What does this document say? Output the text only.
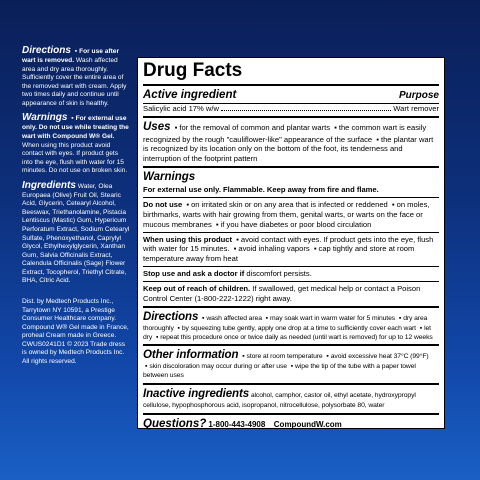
Directions ▪ For use after wart is removed. Wash affected area and dry area thoroughly. Sufficiently cover the entire area of the removed wart with cream. Apply two times daily and continue until appearance of skin is healthy.

Warnings ▪ For external use only. Do not use while treating the wart with Compound W® Gel. When using this product avoid contact with eyes. If product gets into the eye, flush with water for 15 minutes. Do not use on broken skin.

Ingredients Water, Olea Europaea (Olive) Fruit Oil, Stearic Acid, Glycerin, Cetearyl Alcohol, Beeswax, Triethanolamine, Pistacia Lentiscus (Mastic) Gum, Hypericum Perforatum Extract, Sodium Cetearyl Sulfate, Phenoxyethanol, Caprylyl Glycol, Ethylhexylglycerin, Xanthan Gum, Salvia Officinalis Extract, Calendula Officinalis (Sage) Flower Extract, Tocopherol, Triethyl Citrate, BHA, Citric Acid.

Dist. by Medtech Products Inc., Tarrytown NY 10591, a Prestige Consumer Healthcare company. Compound W® Gel made in France, proheal Cream made in Greece. CWUS0241D1 © 2023 Trade dress is owned by Medtech Products Inc. All rights reserved.

Drug Facts
Active ingredient	Purpose
Salicylic acid 17% w/w	Wart remover
Uses ▪ for the removal of common and plantar warts ▪ the common wart is easily recognized by the rough "cauliflower-like" appearance of the surface ▪ the plantar wart is recognized by its location only on the bottom of the foot, its tenderness and interruption of the footprint pattern
Warnings
For external use only. Flammable. Keep away from fire and flame.
Do not use ▪ on irritated skin or on any area that is infected or reddened ▪ on moles, birthmarks, warts with hair growing from them, genital warts, or warts on the face or mucous membranes ▪ if you have diabetes or poor blood circulation
When using this product ▪ avoid contact with eyes. If product gets into the eye, flush with water for 15 minutes. ▪ avoid inhaling vapors ▪ cap tightly and store at room temperature away from heat
Stop use and ask a doctor if discomfort persists.
Keep out of reach of children. If swallowed, get medical help or contact a Poison Control Center (1-800-222-1222) right away.
Directions ▪ wash affected area ▪ may soak wart in warm water for 5 minutes ▪ dry area thoroughly ▪ by squeezing tube gently, apply one drop at a time to sufficiently cover each wart ▪ let dry ▪ repeat this procedure once or twice daily as needed (until wart is removed) for up to 12 weeks
Other information ▪ store at room temperature ▪ avoid excessive heat 37°C (99°F) ▪ skin discoloration may occur during or after use ▪ wipe the tip of the tube with a paper towel between uses
Inactive ingredients alcohol, camphor, castor oil, ethyl acetate, hydroxypropyl cellulose, hypophosphorous acid, isopropanol, nitrocellulose, polysorbate 80, water
Questions? 1-800-443-4908 CompoundW.com
